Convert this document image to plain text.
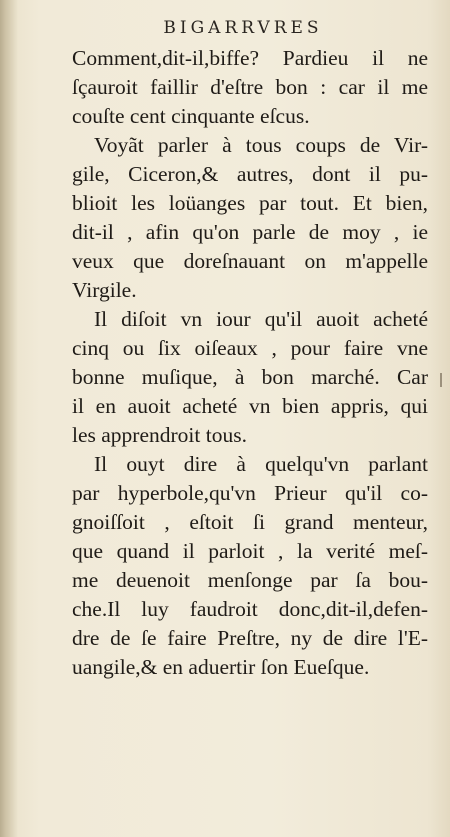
BIGARRVRES
Comment,dit-il,biffe? Pardieu il ne
ſçauroit faillir d'eſtre bon : car il me
couſte cent cinquante eſcus.
Voyãt parler à tous coups de Vir-
gile, Ciceron,& autres, dont il pu-
blioit les loüanges par tout. Et bien,
dit-il , afin qu'on parle de moy , ie
veux que doreſnauant on m'appelle
Virgile.
Il diſoit vn iour qu'il auoit acheté
cinq ou ſix oiſeaux , pour faire vne
bonne muſique, à bon marché. Car
il en auoit acheté vn bien appris, qui
les apprendroit tous.
Il ouyt dire à quelqu'vn parlant
par hyperbole,qu'vn Prieur qu'il co-
gnoiſſoit , eſtoit ſi grand menteur,
que quand il parloit , la verité meſ-
me deuenoit menſonge par ſa bou-
che.Il luy faudroit donc,dit-il,defen-
dre de ſe faire Preſtre, ny de dire l'E-
uangile,& en aduertir ſon Eueſque.
